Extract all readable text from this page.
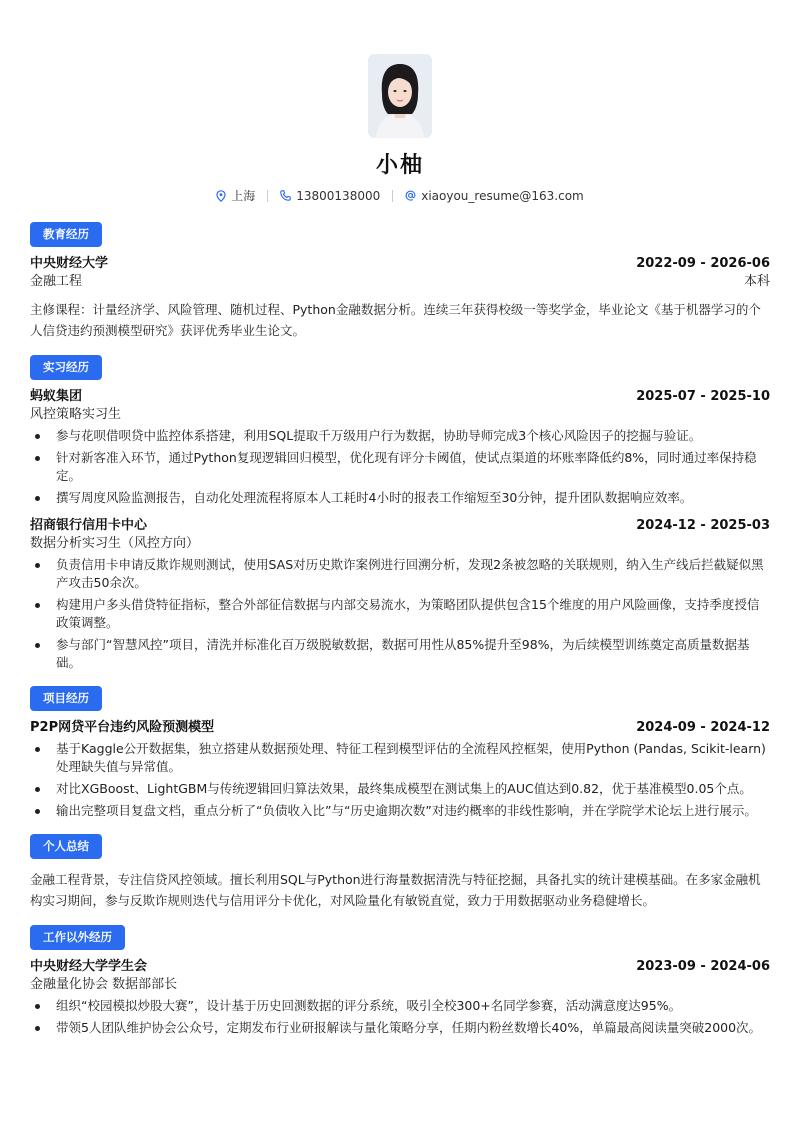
小柚
上海	13800138000	xiaoyou_resume@163.com
教育经历
中央财经大学	2022-09 - 2026-06
金融工程	本科
主修课程：计量经济学、风险管理、随机过程、Python金融数据分析。连续三年获得校级一等奖学金，毕业论文《基于机器学习的个人信贷违约预测模型研究》获评优秀毕业生论文。
实习经历
蚂蚁集团	2025-07 - 2025-10
风控策略实习生
参与花呗借呗贷中监控体系搭建，利用SQL提取千万级用户行为数据，协助导师完成3个核心风险因子的挖掘与验证。
针对新客准入环节，通过Python复现逻辑回归模型，优化现有评分卡阈值，使试点渠道的坏账率降低约8%，同时通过率保持稳定。
撰写周度风险监测报告，自动化处理流程将原本人工耗时4小时的报表工作缩短至30分钟，提升团队数据响应效率。
招商银行信用卡中心	2024-12 - 2025-03
数据分析实习生（风控方向）
负责信用卡申请反欺诈规则测试，使用SAS对历史欺诈案例进行回溯分析，发现2条被忽略的关联规则，纳入生产线后拦截疑似黑产攻击50余次。
构建用户多头借贷特征指标，整合外部征信数据与内部交易流水，为策略团队提供包含15个维度的用户风险画像，支持季度授信政策调整。
参与部门“智慧风控”项目，清洗并标准化百万级脱敏数据，数据可用性从85%提升至98%，为后续模型训练奠定高质量数据基础。
项目经历
P2P网贷平台违约风险预测模型	2024-09 - 2024-12
基于Kaggle公开数据集，独立搭建从数据预处理、特征工程到模型评估的全流程风控框架，使用Python (Pandas, Scikit-learn) 处理缺失值与异常值。
对比XGBoost、LightGBM与传统逻辑回归算法效果，最终集成模型在测试集上的AUC值达到0.82，优于基准模型0.05个点。
输出完整项目复盘文档，重点分析了“负债收入比”与“历史逾期次数”对违约概率的非线性影响，并在学院学术论坛上进行展示。
个人总结
金融工程背景，专注信贷风控领域。擅长利用SQL与Python进行海量数据清洗与特征挖掘，具备扎实的统计建模基础。在多家金融机构实习期间，参与反欺诈规则迭代与信用评分卡优化，对风险量化有敏锐直觉，致力于用数据驱动业务稳健增长。
工作以外经历
中央财经大学学生会	2023-09 - 2024-06
金融量化协会 数据部部长
组织“校园模拟炒股大赛”，设计基于历史回测数据的评分系统，吸引全校300+名同学参赛，活动满意度达95%。
带领5人团队维护协会公众号，定期发布行业研报解读与量化策略分享，任期内粉丝数增长40%，单篇最高阅读量突破2000次。
